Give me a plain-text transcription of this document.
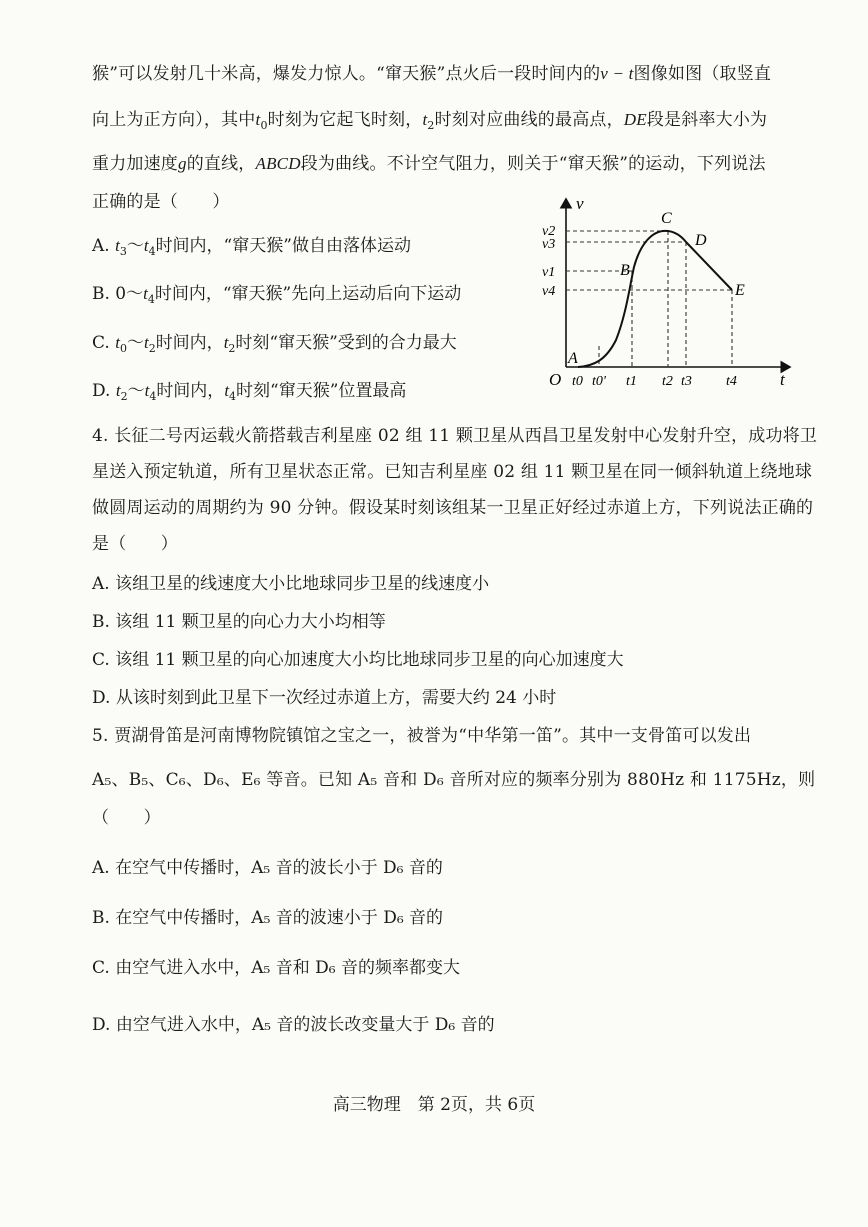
猴”可以发射几十米高，爆发力惊人。“窜天猴”点火后一段时间内的v − t图像如图（取竖直
向上为正方向），其中$t_0$时刻为它起飞时刻，$t_2$时刻对应曲线的最高点，DE段是斜率大小为
重力加速度g的直线，ABCD段为曲线。不计空气阻力，则关于“窜天猴”的运动，下列说法
正确的是（　　）
A. $t_3\sim t_4$时间内，“窜天猴”做自由落体运动
B. $0\sim t_4$时间内，“窜天猴”先向上运动后向下运动
C. $t_0\sim t_2$时间内，$t_2$时刻“窜天猴”受到的合力最大
D. $t_2\sim t_4$时间内，$t_4$时刻“窜天猴”位置最高
v
t
O
A
B
C
D
E
v2
v3
v1
v4
t0 t0' t1 t2 t3 t4
4. 长征二号丙运载火箭搭载吉利星座 02 组 11 颗卫星从西昌卫星发射中心发射升空，成功将卫
星送入预定轨道，所有卫星状态正常。已知吉利星座 02 组 11 颗卫星在同一倾斜轨道上绕地球
做圆周运动的周期约为 90 分钟。假设某时刻该组某一卫星正好经过赤道上方，下列说法正确的
是（　　）
A. 该组卫星的线速度大小比地球同步卫星的线速度小
B. 该组 11 颗卫星的向心力大小均相等
C. 该组 11 颗卫星的向心加速度大小均比地球同步卫星的向心加速度大
D. 从该时刻到此卫星下一次经过赤道上方，需要大约 24 小时
5. 贾湖骨笛是河南博物院镇馆之宝之一，被誉为“中华第一笛”。其中一支骨笛可以发出
A₅、B₅、C₆、D₆、E₆ 等音。已知 A₅ 音和 D₆ 音所对应的频率分别为 880Hz 和 1175Hz，则
（　　）
A. 在空气中传播时，A₅ 音的波长小于 D₆ 音的
B. 在空气中传播时，A₅ 音的波速小于 D₆ 音的
C. 由空气进入水中，A₅ 音和 D₆ 音的频率都变大
D. 由空气进入水中，A₅ 音的波长改变量大于 D₆ 音的
高三物理　第 2页，共 6页
